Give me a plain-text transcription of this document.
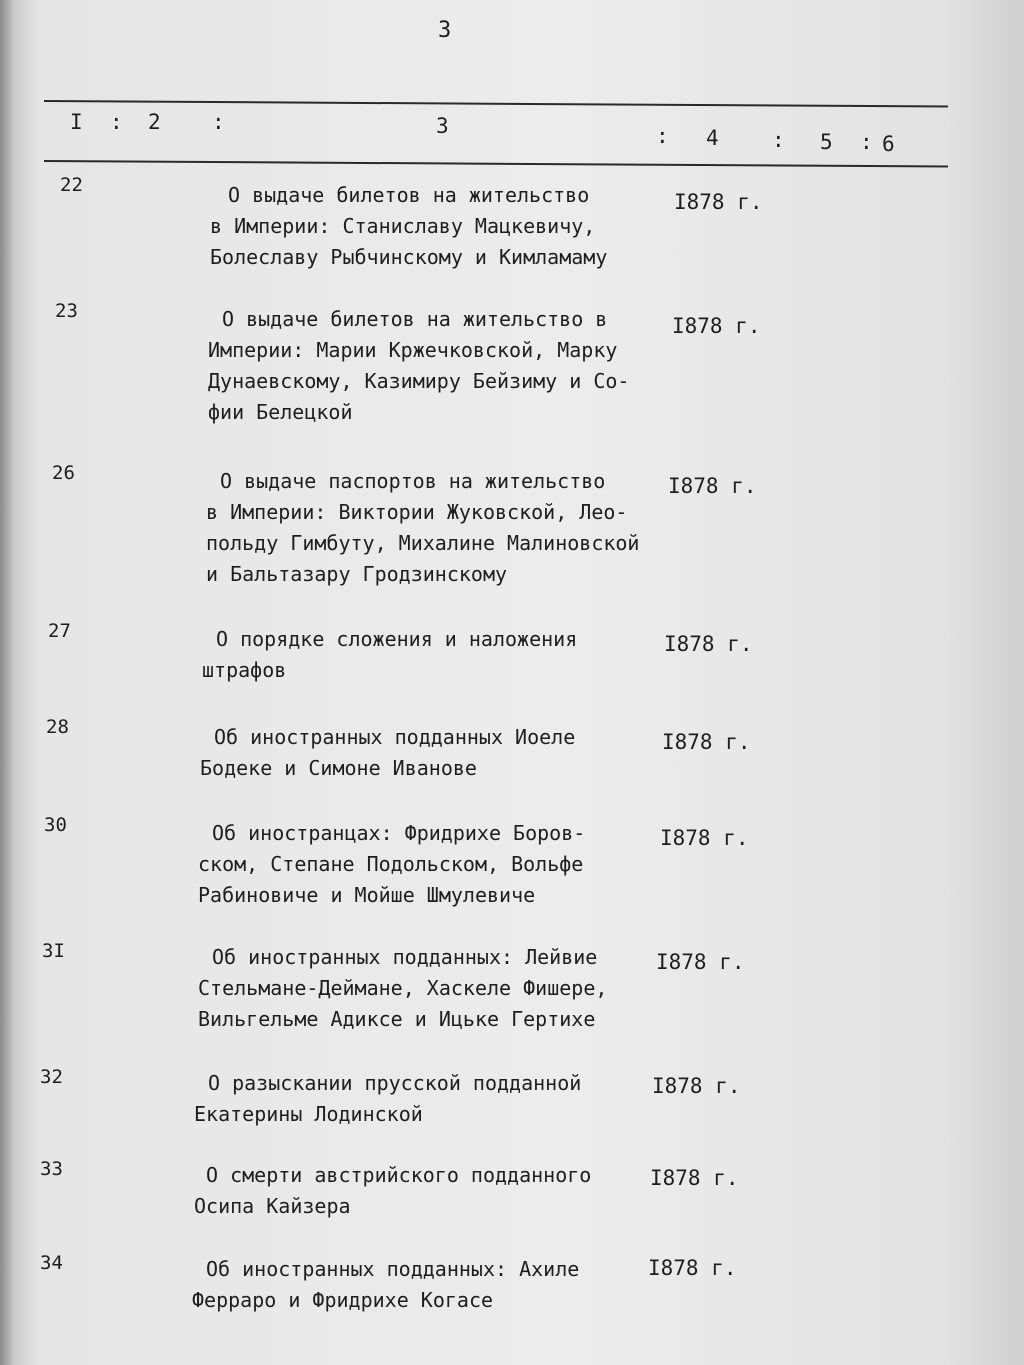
3
I : 2 :	3	: 4	: 5 : 6
22	О выдаче билетов на жительство
в Империи: Станиславу Мацкевичу,
Болеславу Рыбчинскому и Кимламаму
I878 г.
23	О выдаче билетов на жительство в
Империи: Марии Кржечковской, Марку
Дунаевскому, Казимиру Бейзиму и Со-
фии Белецкой
I878 г.
26	О выдаче паспортов на жительство
в Империи: Виктории Жуковской, Лео-
польду Гимбуту, Михалине Малиновской
и Бальтазару Гродзинскому
I878 г.
27	О порядке сложения и наложения
штрафов
I878 г.
28	Об иностранных подданных Иоеле
Бодеке и Симоне Иванове
I878 г.
30	Об иностранцах: Фридрихе Боров-
ском, Степане Подольском, Вольфе
Рабиновиче и Мойше Шмулевиче
I878 г.
3I	Об иностранных подданных: Лейвие
Стельмане-Деймане, Хаскеле Фишере,
Вильгельме Адиксе и Ицьке Гертихе
I878 г.
32	О разыскании прусской подданной
Екатерины Лодинской
I878 г.
33	О смерти австрийского подданного
Осипа Кайзера
I878 г.
34	Об иностранных подданных: Ахиле
Ферраро и Фридрихе Когасе
I878 г.
